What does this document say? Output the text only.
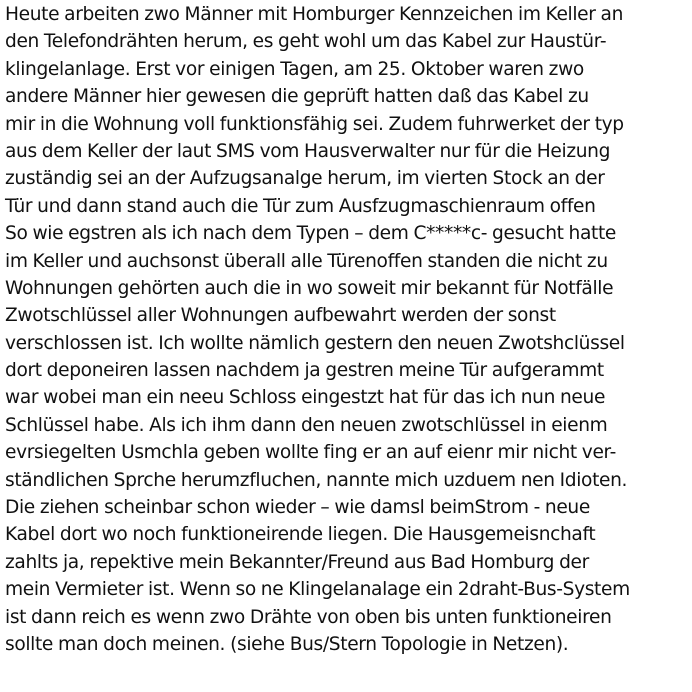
Heute arbeiten zwo Männer mit Homburger Kennzeichen im Keller an
den Telefondrähten herum, es geht wohl um das Kabel zur Haustür-
klingelanlage. Erst vor einigen Tagen, am 25. Oktober waren zwo
andere Männer hier gewesen die geprüft hatten daß das Kabel zu
mir in die Wohnung voll funktionsfähig sei. Zudem fuhrwerket der typ
aus dem Keller der laut SMS vom Hausverwalter nur für die Heizung
zuständig sei an der Aufzugsanalge herum, im vierten Stock an der
Tür und dann stand auch die Tür zum Ausfzugmaschienraum offen
So wie egstren als ich nach dem Typen – dem C*****c- gesucht hatte
im Keller und auchsonst überall alle Türenoffen standen die nicht zu
Wohnungen gehörten auch die in wo soweit mir bekannt für Notfälle
Zwotschlüssel aller Wohnungen aufbewahrt werden der sonst
verschlossen ist. Ich wollte nämlich gestern den neuen Zwotshclüssel
dort deponeiren lassen nachdem ja gestren meine Tür aufgerammt
war wobei man ein neeu Schloss eingestzt hat für das ich nun neue
Schlüssel habe. Als ich ihm dann den neuen zwotschlüssel in eienm
evrsiegelten Usmchla geben wollte fing er an auf eienr mir nicht ver-
ständlichen Sprche herumzfluchen, nannte mich uzduem nen Idioten.
Die ziehen scheinbar schon wieder – wie damsl beimStrom - neue
Kabel dort wo noch funktioneirende liegen. Die Hausgemeisnchaft
zahlts ja, repektive mein Bekannter/Freund aus Bad Homburg der
mein Vermieter ist. Wenn so ne Klingelanalage ein 2draht-Bus-System
ist dann reich es wenn zwo Drähte von oben bis unten funktioneiren
sollte man doch meinen. (siehe Bus/Stern Topologie in Netzen).
